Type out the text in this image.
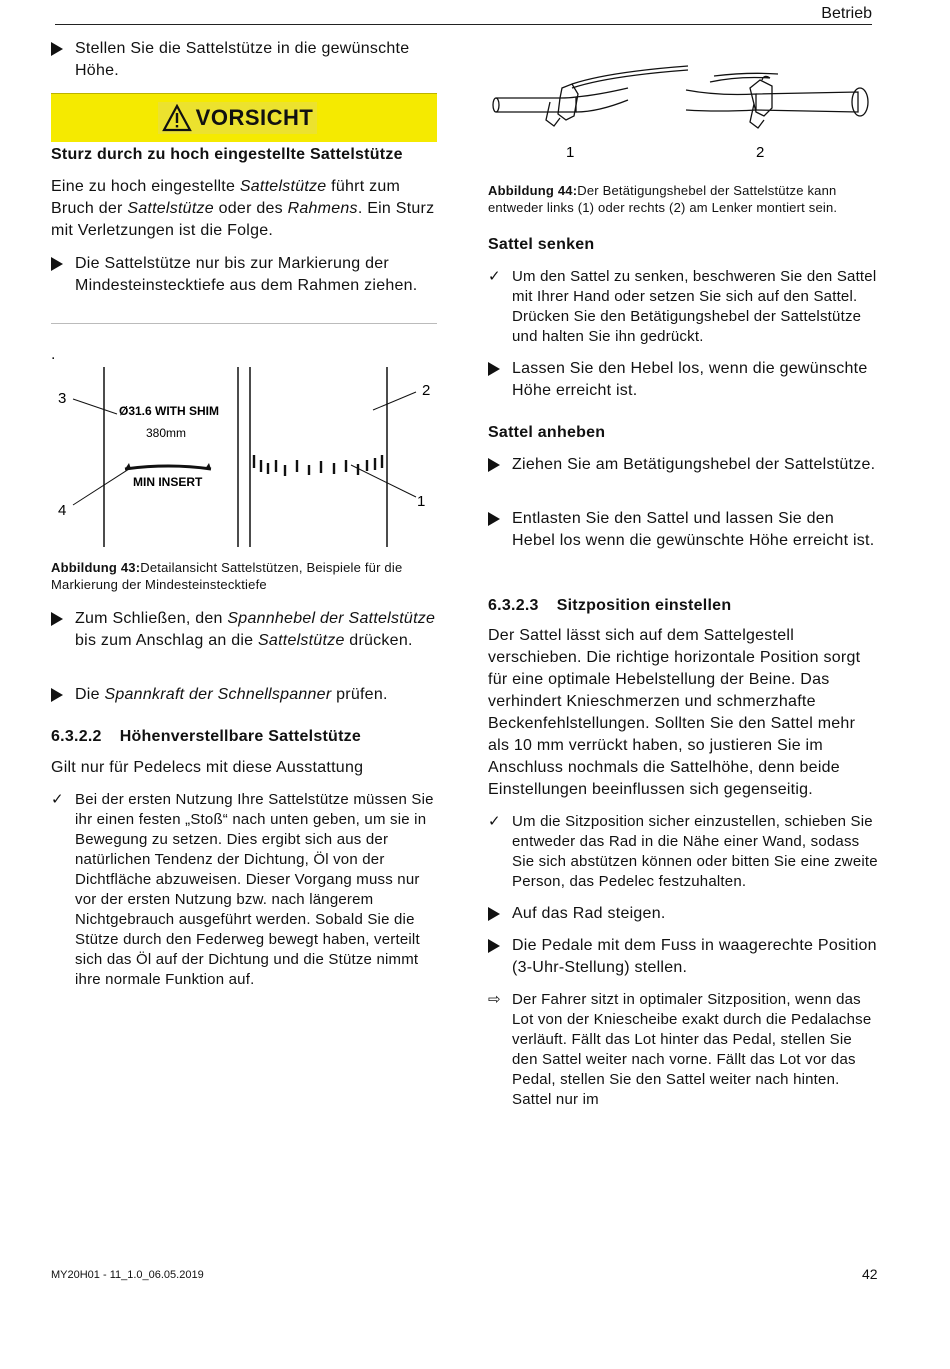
Betrieb
Stellen Sie die Sattelstütze in die gewünschte Höhe.
VORSICHT
Sturz durch zu hoch eingestellte Sattelstütze
Eine zu hoch eingestellte Sattelstütze führt zum Bruch der Sattelstütze oder des Rahmens. Ein Sturz mit Verletzungen ist die Folge.
Die Sattelstütze nur bis zur Markierung der Mindesteinstecktiefe aus dem Rahmen ziehen.
.
Ø31.6 WITH SHIM
380mm
MIN INSERT
3
4
2
1
Abbildung 43:Detailansicht Sattelstützen, Beispiele für die Markierung der Mindesteinstecktiefe
Zum Schließen, den Spannhebel der Sattelstütze bis zum Anschlag an die Sattelstütze drücken.
Die Spannkraft der Schnellspanner prüfen.
6.3.2.2 Höhenverstellbare Sattelstütze
Gilt nur für Pedelecs mit diese Ausstattung
✓ Bei der ersten Nutzung Ihre Sattelstütze müssen Sie ihr einen festen „Stoß“ nach unten geben, um sie in Bewegung zu setzen. Dies ergibt sich aus der natürlichen Tendenz der Dichtung, Öl von der Dichtfläche abzuweisen. Dieser Vorgang muss nur vor der ersten Nutzung bzw. nach längerem Nichtgebrauch ausgeführt werden. Sobald Sie die Stütze durch den Federweg bewegt haben, verteilt sich das Öl auf der Dichtung und die Stütze nimmt ihre normale Funktion auf.
1	2
Abbildung 44:Der Betätigungshebel der Sattelstütze kann entweder links (1) oder rechts (2) am Lenker montiert sein.
Sattel senken
✓ Um den Sattel zu senken, beschweren Sie den Sattel mit Ihrer Hand oder setzen Sie sich auf den Sattel. Drücken Sie den Betätigungshebel der Sattelstütze und halten Sie ihn gedrückt.
Lassen Sie den Hebel los, wenn die gewünschte Höhe erreicht ist.
Sattel anheben
Ziehen Sie am Betätigungshebel der Sattelstütze.
Entlasten Sie den Sattel und lassen Sie den Hebel los wenn die gewünschte Höhe erreicht ist.
6.3.2.3 Sitzposition einstellen
Der Sattel lässt sich auf dem Sattelgestell verschieben. Die richtige horizontale Position sorgt für eine optimale Hebelstellung der Beine. Das verhindert Knieschmerzen und schmerzhafte Beckenfehlstellungen. Sollten Sie den Sattel mehr als 10 mm verrückt haben, so justieren Sie im Anschluss nochmals die Sattelhöhe, denn beide Einstellungen beeinflussen sich gegenseitig.
✓ Um die Sitzposition sicher einzustellen, schieben Sie entweder das Rad in die Nähe einer Wand, sodass Sie sich abstützen können oder bitten Sie eine zweite Person, das Pedelec festzuhalten.
Auf das Rad steigen.
Die Pedale mit dem Fuss in waagerechte Position (3-Uhr-Stellung) stellen.
⇨ Der Fahrer sitzt in optimaler Sitzposition, wenn das Lot von der Kniescheibe exakt durch die Pedalachse verläuft. Fällt das Lot hinter das Pedal, stellen Sie den Sattel weiter nach vorne. Fällt das Lot vor das Pedal, stellen Sie den Sattel weiter nach hinten. Sattel nur im
MY20H01 - 11_1.0_06.05.2019	42
